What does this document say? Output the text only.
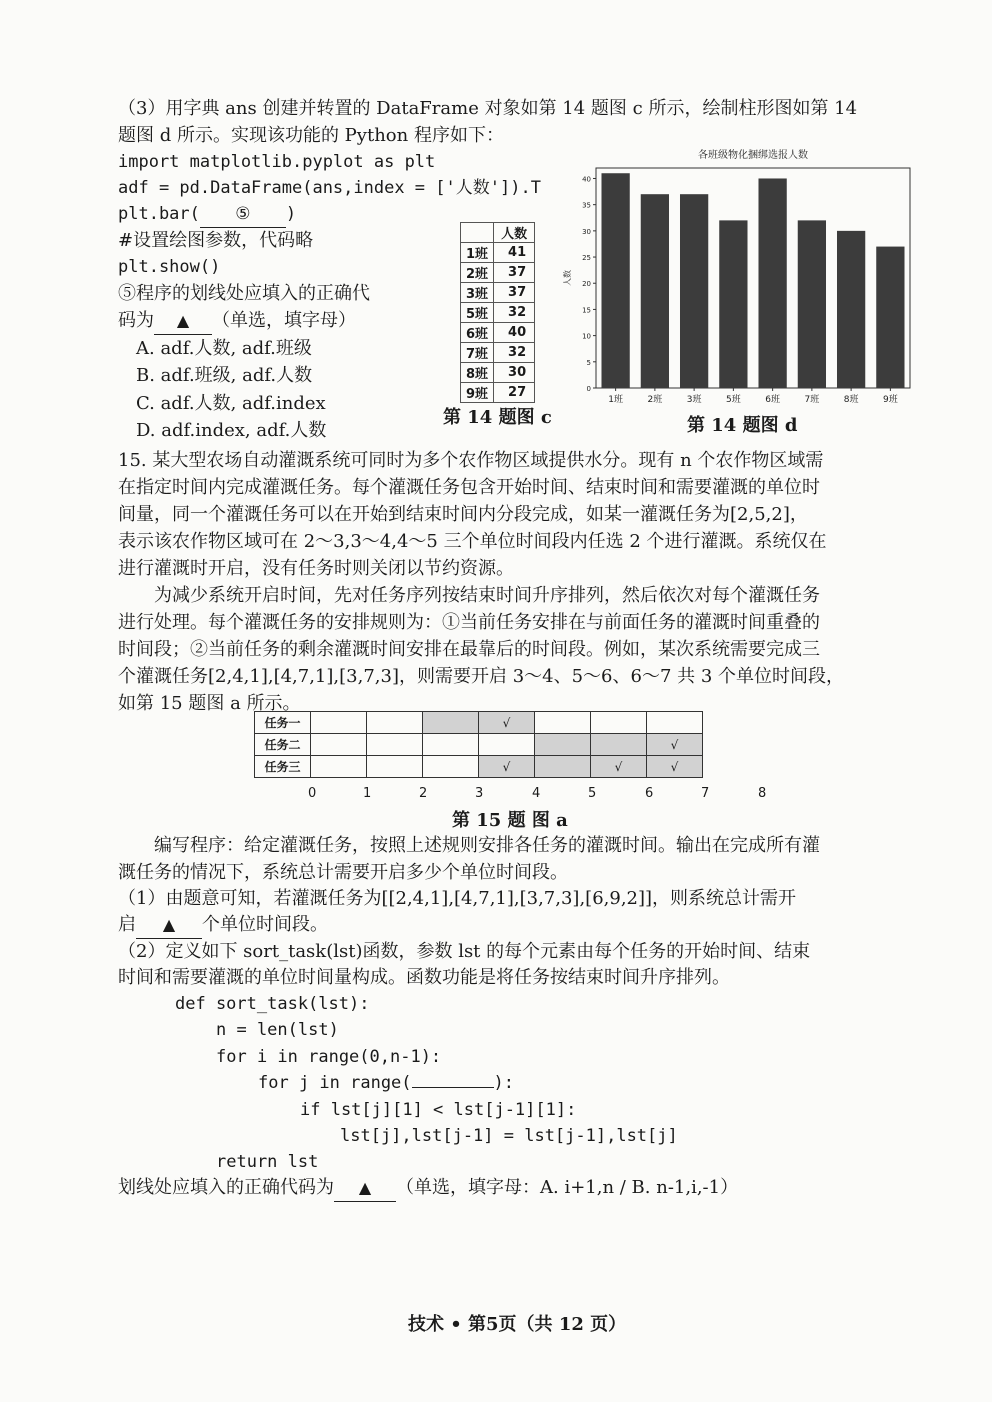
（3）用字典 ans 创建并转置的 DataFrame 对象如第 14 题图 c 所示，绘制柱形图如第 14
题图 d 所示。实现该功能的 Python 程序如下：
import matplotlib.pyplot as plt
adf = pd.DataFrame(ans,index = ['人数']).T
plt.bar( ⑤ )
#设置绘图参数，代码略
plt.show()
⑤程序的划线处应填入的正确代
码为 ▲ （单选，填字母）
A. adf.人数, adf.班级
B. adf.班级, adf.人数
C. adf.人数, adf.index
D. adf.index, adf.人数
	人数
1班	41
2班	37
3班	37
5班	32
6班	40
7班	32
8班	30
9班	27
第 14 题图 c
各班级物化捆绑选报人数
0
5
10
15
20
25
30
35
40
人数
1班	2班	3班	5班	6班	7班	8班	9班
第 14 题图 d
15. 某大型农场自动灌溉系统可同时为多个农作物区域提供水分。现有 n 个农作物区域需
在指定时间内完成灌溉任务。每个灌溉任务包含开始时间、结束时间和需要灌溉的单位时
间量，同一个灌溉任务可以在开始到结束时间内分段完成，如某一灌溉任务为[2,5,2]，
表示该农作物区域可在 2～3,3～4,4～5 三个单位时间段内任选 2 个进行灌溉。系统仅在
进行灌溉时开启，没有任务时则关闭以节约资源。
　　为减少系统开启时间，先对任务序列按结束时间升序排列，然后依次对每个灌溉任务
进行处理。每个灌溉任务的安排规则为：①当前任务安排在与前面任务的灌溉时间重叠的
时间段；②当前任务的剩余灌溉时间安排在最靠后的时间段。例如，某次系统需要完成三
个灌溉任务[2,4,1],[4,7,1],[3,7,3]，则需要开启 3～4、5～6、6～7 共 3 个单位时间段，
如第 15 题图 a 所示。
任务一				√			
任务二							√
任务三				√		√	√
0	1	2	3	4	5	6	7	8
第 15 题 图 a
　　编写程序：给定灌溉任务，按照上述规则安排各任务的灌溉时间。输出在完成所有灌
溉任务的情况下，系统总计需要开启多少个单位时间段。
（1）由题意可知，若灌溉任务为[[2,4,1],[4,7,1],[3,7,3],[6,9,2]]，则系统总计需开
启 ▲ 个单位时间段。
（2）定义如下 sort_task(lst)函数，参数 lst 的每个元素由每个任务的开始时间、结束
时间和需要灌溉的单位时间量构成。函数功能是将任务按结束时间升序排列。
def sort_task(lst):
n = len(lst)
for i in range(0,n-1):
for j in range(	):
if lst[j][1] < lst[j-1][1]:
lst[j],lst[j-1] = lst[j-1],lst[j]
return lst
划线处应填入的正确代码为 ▲ （单选，填字母：A. i+1,n / B. n-1,i,-1）
技术 • 第5页（共 12 页）
